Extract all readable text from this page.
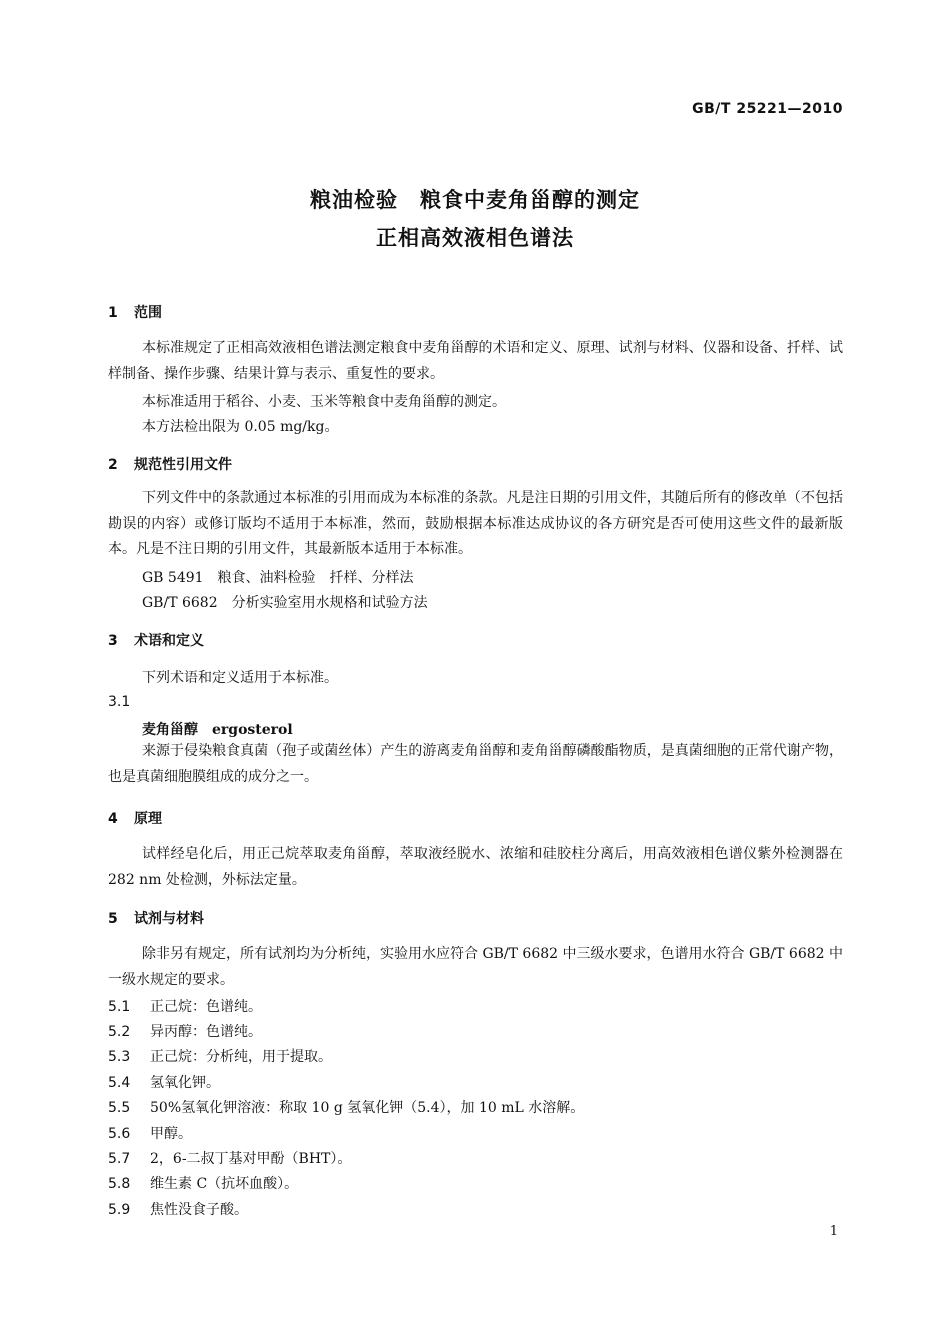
GB/T 25221—2010
粮油检验　粮食中麦角甾醇的测定
正相高效液相色谱法
1 范围
本标准规定了正相高效液相色谱法测定粮食中麦角甾醇的术语和定义、原理、试剂与材料、仪器和设备、扦样、试样制备、操作步骤、结果计算与表示、重复性的要求。
本标准适用于稻谷、小麦、玉米等粮食中麦角甾醇的测定。
本方法检出限为 0.05 mg/kg。
2 规范性引用文件
下列文件中的条款通过本标准的引用而成为本标准的条款。凡是注日期的引用文件，其随后所有的修改单（不包括勘误的内容）或修订版均不适用于本标准，然而，鼓励根据本标准达成协议的各方研究是否可使用这些文件的最新版本。凡是不注日期的引用文件，其最新版本适用于本标准。
GB 5491　粮食、油料检验　扦样、分样法
GB/T 6682　分析实验室用水规格和试验方法
3 术语和定义
下列术语和定义适用于本标准。
3.1
麦角甾醇 ergosterol
来源于侵染粮食真菌（孢子或菌丝体）产生的游离麦角甾醇和麦角甾醇磷酸酯物质，是真菌细胞的正常代谢产物，也是真菌细胞膜组成的成分之一。
4 原理
试样经皂化后，用正己烷萃取麦角甾醇，萃取液经脱水、浓缩和硅胶柱分离后，用高效液相色谱仪紫外检测器在 282 nm 处检测，外标法定量。
5 试剂与材料
除非另有规定，所有试剂均为分析纯，实验用水应符合 GB/T 6682 中三级水要求，色谱用水符合 GB/T 6682 中一级水规定的要求。
5.1 正己烷：色谱纯。
5.2 异丙醇：色谱纯。
5.3 正己烷：分析纯，用于提取。
5.4 氢氧化钾。
5.5 50%氢氧化钾溶液：称取 10 g 氢氧化钾（5.4），加 10 mL 水溶解。
5.6 甲醇。
5.7 2，6-二叔丁基对甲酚（BHT）。
5.8 维生素 C（抗坏血酸）。
5.9 焦性没食子酸。
1
